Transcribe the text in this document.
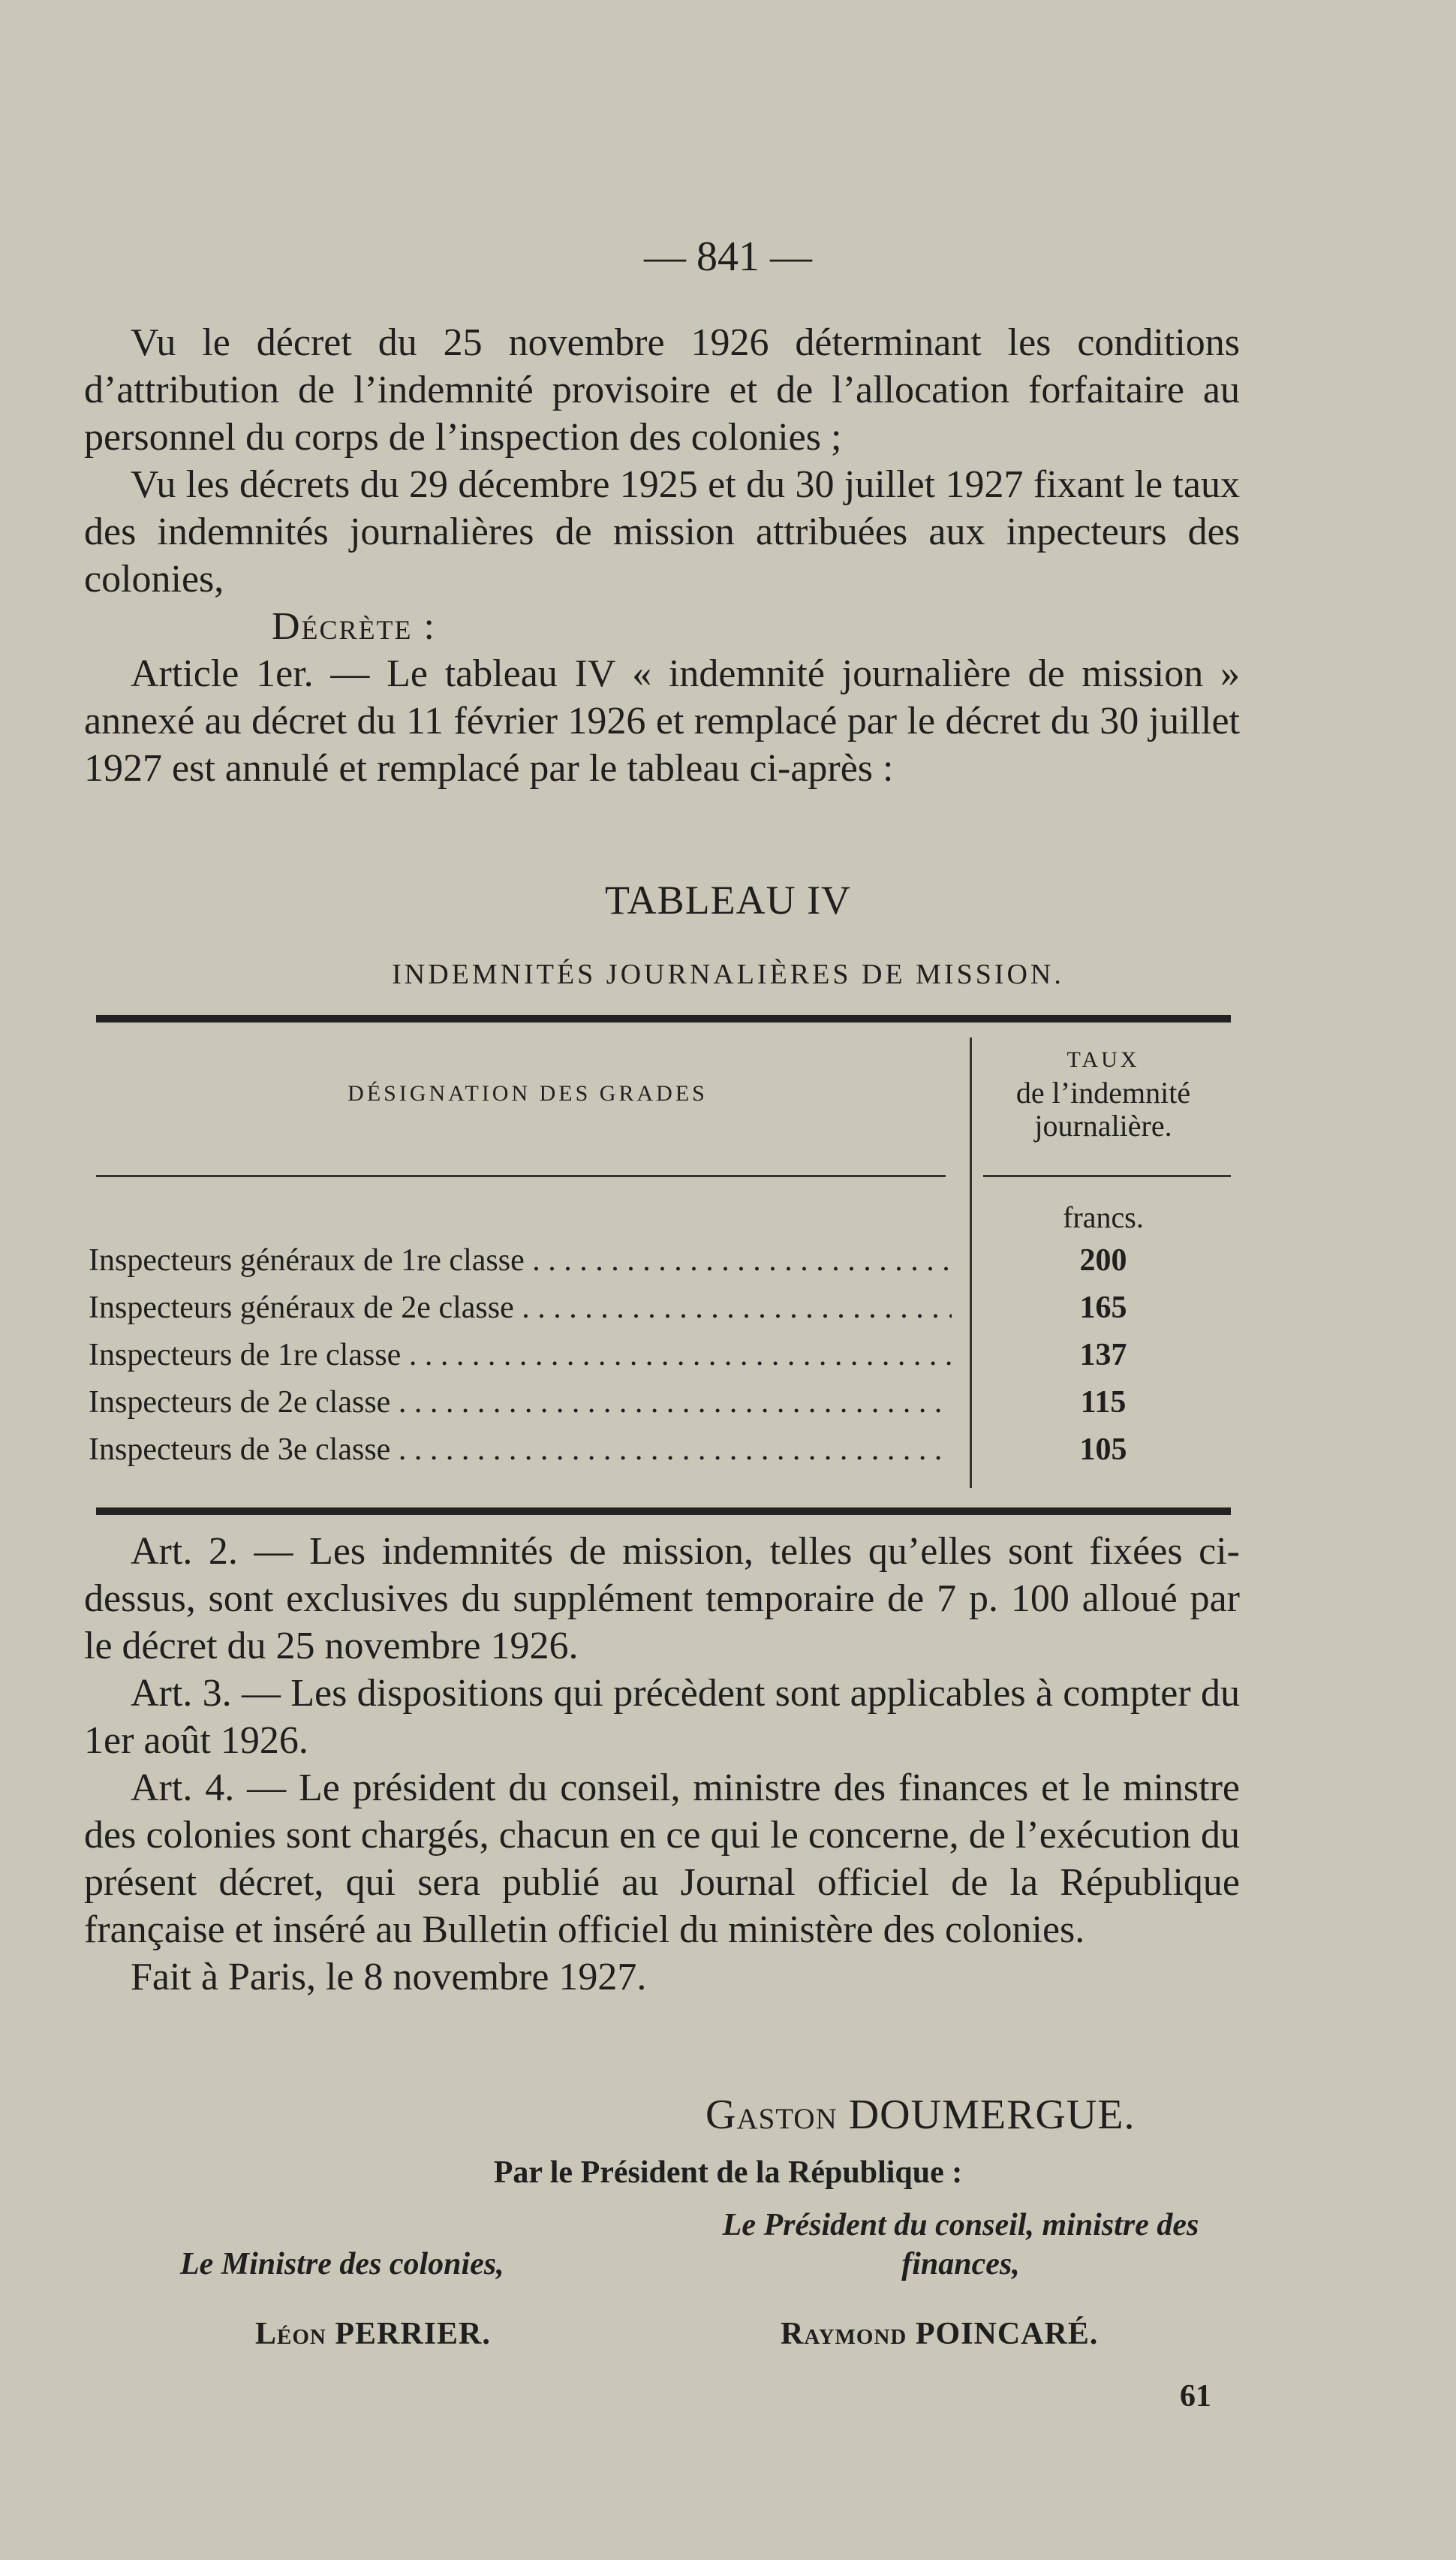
— 841 —

Vu le décret du 25 novembre 1926 déterminant les conditions d’attribution de l’indemnité provisoire et de l’allocation forfaitaire au personnel du corps de l’inspection des colonies ;

Vu les décrets du 29 décembre 1925 et du 30 juillet 1927 fixant le taux des indemnités journalières de mission attribuées aux inpecteurs des colonies,

Décrète :

Article 1er. — Le tableau IV « indemnité journalière de mission » annexé au décret du 11 février 1926 et remplacé par le décret du 30 juillet 1927 est annulé et remplacé par le tableau ci-après :

TABLEAU IV
INDEMNITÉS JOURNALIÈRES DE MISSION.
DÉSIGNATION DES GRADES
TAUX
de l’indemnité journalière.
francs.
Inspecteurs généraux de 1re classe . . .	200
Inspecteurs généraux de 2e classe . . .	165
Inspecteurs de 1re classe . . .	137
Inspecteurs de 2e classe . . .	115
Inspecteurs de 3e classe . . .	105

Art. 2. — Les indemnités de mission, telles qu’elles sont fixées ci-dessus, sont exclusives du supplément temporaire de 7 p. 100 alloué par le décret du 25 novembre 1926.

Art. 3. — Les dispositions qui précèdent sont applicables à compter du 1er août 1926.

Art. 4. — Le président du conseil, ministre des finances et le minstre des colonies sont chargés, chacun en ce qui le concerne, de l’exécution du présent décret, qui sera publié au Journal officiel de la République française et inséré au Bulletin officiel du ministère des colonies.

Fait à Paris, le 8 novembre 1927.

Gaston DOUMERGUE.
Par le Président de la République :
Le Président du conseil, ministre des finances,
Le Ministre des colonies,
Léon PERRIER.	Raymond POINCARÉ.
61
